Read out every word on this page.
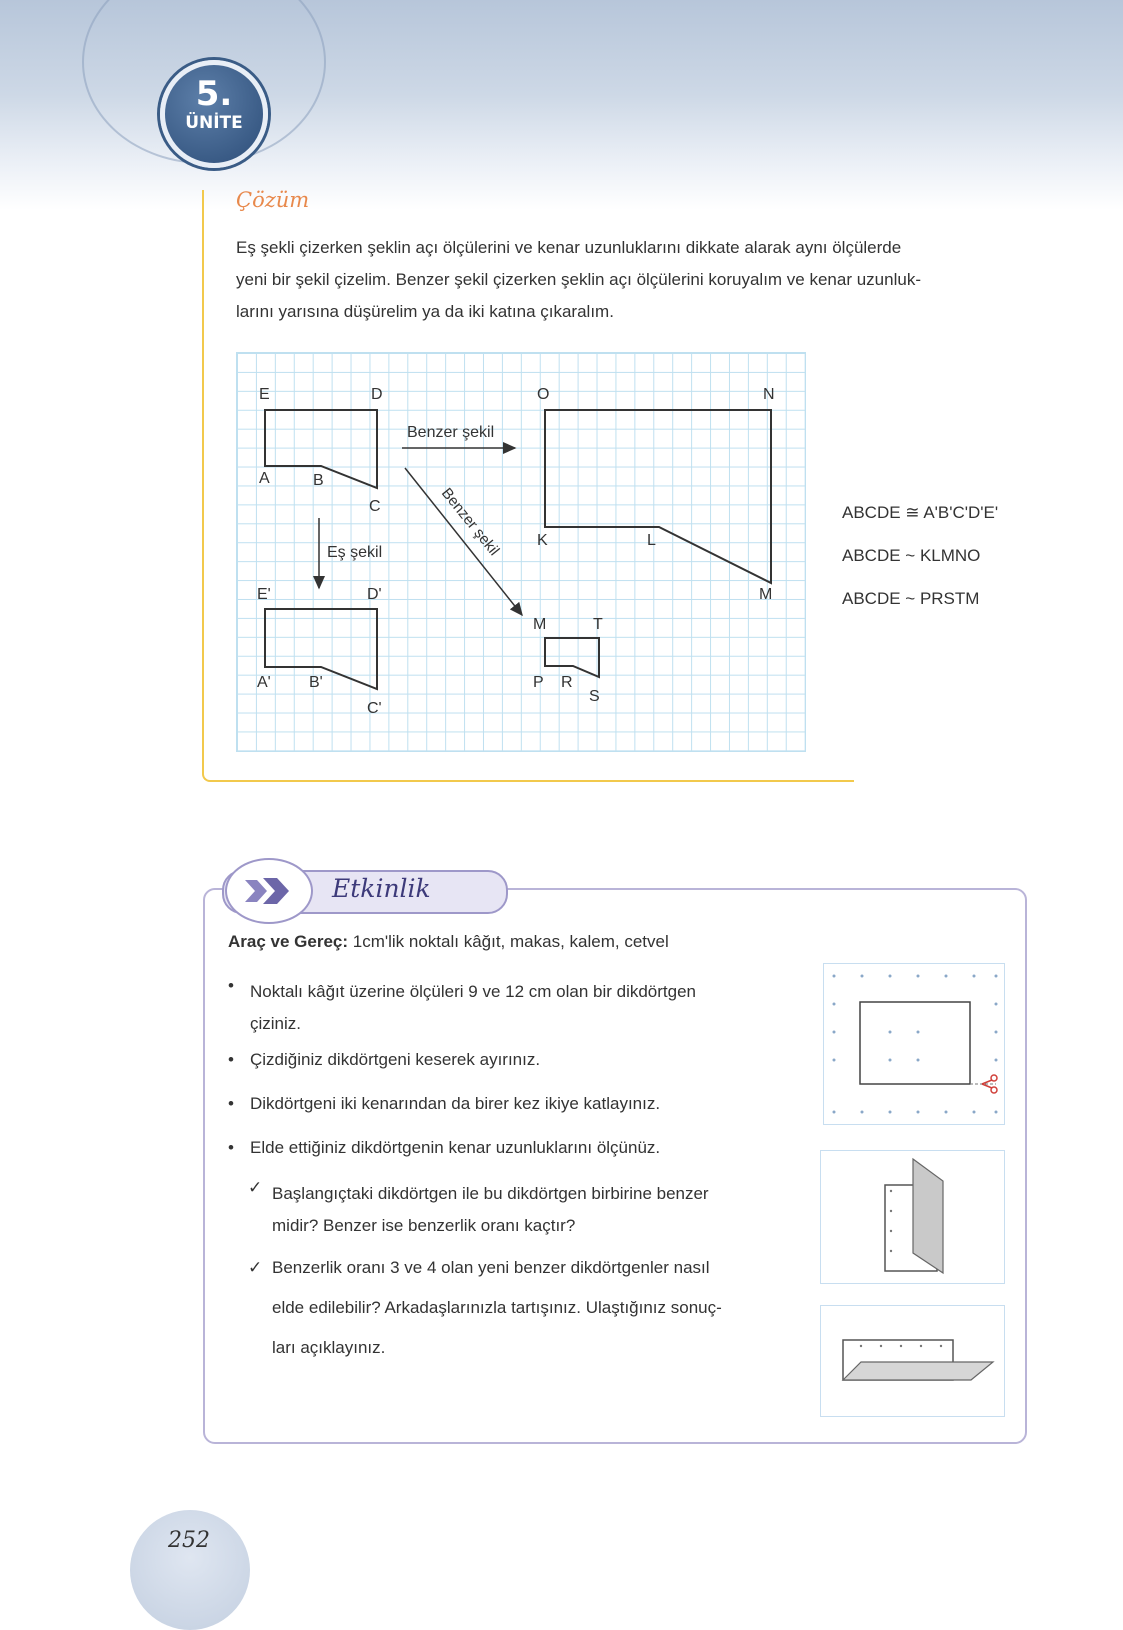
5.
ÜNİTE
Çözüm
Eş şekli çizerken şeklin açı ölçülerini ve kenar uzunluklarını dikkate alarak aynı ölçülerde
yeni bir şekil çizelim. Benzer şekil çizerken şeklin açı ölçülerini koruyalım ve kenar uzunluk-
larını yarısına düşürelim ya da iki katına çıkaralım.
Benzer şekil
Benzer şekil
Eş şekil
E	D
A	B
C
O	N
K	L
M
E'	D'
A' B'
C'
M	T
P R
S
ABCDE ≅ A'B'C'D'E'
ABCDE ~ KLMNO
ABCDE ~ PRSTM
Etkinlik
Araç ve Gereç: 1cm'lik noktalı kâğıt, makas, kalem, cetvel
• Noktalı kâğıt üzerine ölçüleri 9 ve 12 cm olan bir dikdörtgen
çiziniz.
• Çizdiğiniz dikdörtgeni keserek ayırınız.
• Dikdörtgeni iki kenarından da birer kez ikiye katlayınız.
• Elde ettiğiniz dikdörtgenin kenar uzunluklarını ölçünüz.
✓ Başlangıçtaki dikdörtgen ile bu dikdörtgen birbirine benzer
midir? Benzer ise benzerlik oranı kaçtır?
✓ Benzerlik oranı 3 ve 4 olan yeni benzer dikdörtgenler nasıl
elde edilebilir? Arkadaşlarınızla tartışınız. Ulaştığınız sonuç-
ları açıklayınız.
252
